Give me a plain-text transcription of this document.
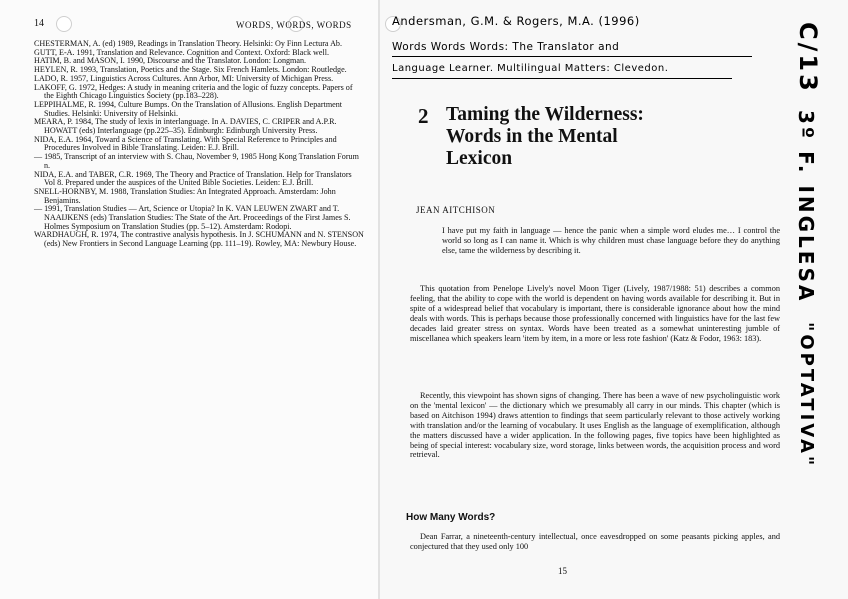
14	WORDS, WORDS, WORDS

CHESTERMAN, A. (ed) 1989, Readings in Translation Theory. Helsinki: Oy Finn Lectura Ab.

GUTT, E-A. 1991, Translation and Relevance. Cognition and Context. Oxford: Black well.

HATIM, B. and MASON, I. 1990, Discourse and the Translator. London: Longman.

HEYLEN, R. 1993, Translation, Poetics and the Stage. Six French Hamlets. London: Routledge.

LADO, R. 1957, Linguistics Across Cultures. Ann Arbor, MI: University of Michigan Press.

LAKOFF, G. 1972, Hedges: A study in meaning criteria and the logic of fuzzy concepts. Papers of the Eighth Chicago Linguistics Society (pp.183–228).

LEPPIHALME, R. 1994, Culture Bumps. On the Translation of Allusions. English Department Studies. Helsinki: University of Helsinki.

MEARA, P. 1984, The study of lexis in interlanguage. In A. DAVIES, C. CRIPER and A.P.R. HOWATT (eds) Interlanguage (pp.225–35). Edinburgh: Edinburgh University Press.

NIDA, E.A. 1964, Toward a Science of Translating. With Special Reference to Principles and Procedures Involved in Bible Translating. Leiden: E.J. Brill.

— 1985, Transcript of an interview with S. Chau, November 9, 1985 Hong Kong Translation Forum n.

NIDA, E.A. and TABER, C.R. 1969, The Theory and Practice of Translation. Help for Translators Vol 8. Prepared under the auspices of the United Bible Societies. Leiden: E.J. Brill.

SNELL-HORNBY, M. 1988, Translation Studies: An Integrated Approach. Amsterdam: John Benjamins.

— 1991, Translation Studies — Art, Science or Utopia? In K. VAN LEUWEN ZWART and T. NAAIJKENS (eds) Translation Studies: The State of the Art. Proceedings of the First James S. Holmes Symposium on Translation Studies (pp. 5–12). Amsterdam: Rodopi.

WARDHAUGH, R. 1974, The contrastive analysis hypothesis. In J. SCHUMANN and N. STENSON (eds) New Frontiers in Second Language Learning (pp. 111–19). Rowley, MA: Newbury House.

Andersman, G.M. & Rogers, M.A. (1996)
Words Words Words: The Translator and
Language Learner. Multilingual Matters: Clevedon.	C/13
3º F. INGLESA
"OPTATIVA"
2 Taming the Wilderness:
Words in the Mental
Lexicon
JEAN AITCHISON

I have put my faith in language — hence the panic when a simple word eludes me… I control the world so long as I can name it. Which is why children must chase language before they do anything else, tame the wilderness by describing it.

This quotation from Penelope Lively's novel Moon Tiger (Lively, 1987/1988: 51) describes a common feeling, that the ability to cope with the world is dependent on having words available for describing it. But in spite of a widespread belief that vocabulary is important, there is considerable ignorance about how the mind deals with words. This is perhaps because those professionally concerned with linguistics have for the last few decades laid greater stress on syntax. Words have been treated as a somewhat uninteresting jumble of miscellanea which speakers learn 'item by item, in a more or less rote fashion' (Katz & Fodor, 1963: 183).

Recently, this viewpoint has shown signs of changing. There has been a wave of new psycholinguistic work on the 'mental lexicon' — the dictionary which we presumably all carry in our minds. This chapter (which is based on Aitchison 1994) draws attention to findings that seem particularly relevant to those actively working with translation and/or the learning of vocabulary. It uses English as the language of exemplification, although the matters discussed have a wider application. In the following pages, five topics have been highlighted as being of special interest: vocabulary size, word storage, links between words, the acquisition process and word retrieval.

How Many Words?

Dean Farrar, a nineteenth-century intellectual, once eavesdropped on some peasants picking apples, and conjectured that they used only 100

15
